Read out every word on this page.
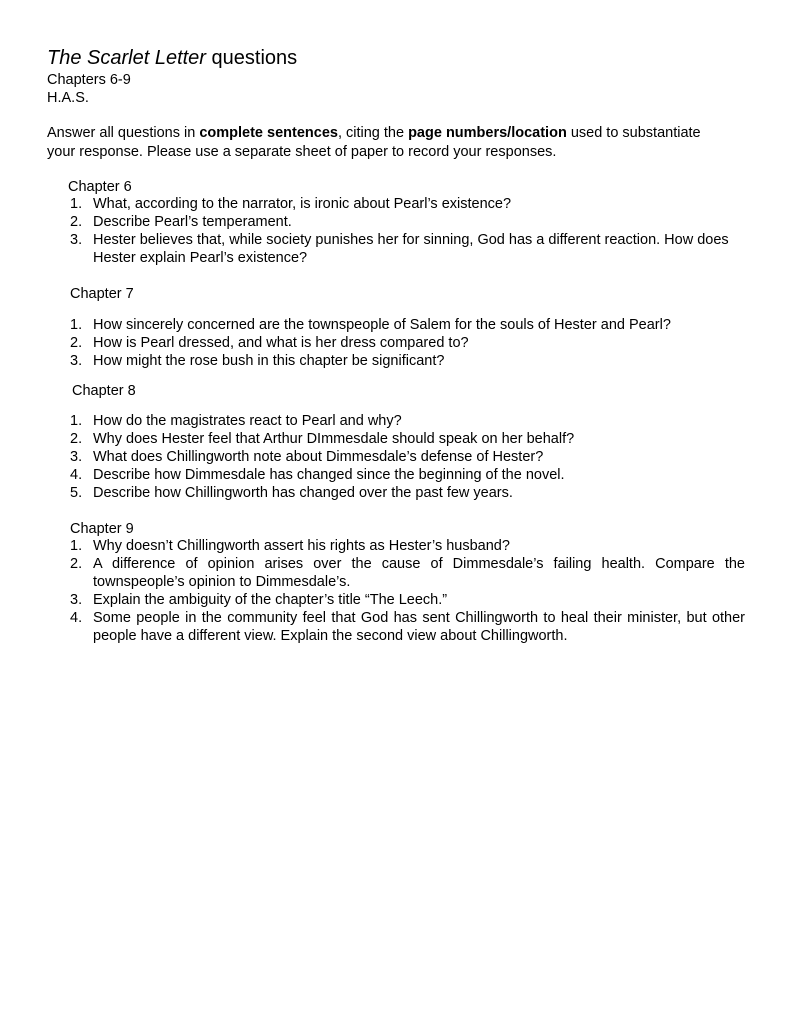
The Scarlet Letter questions
Chapters 6-9
H.A.S.
Answer all questions in complete sentences, citing the page numbers/location used to substantiate your response. Please use a separate sheet of paper to record your responses.
Chapter 6
1. What, according to the narrator, is ironic about Pearl’s existence?
2. Describe Pearl’s temperament.
3. Hester believes that, while society punishes her for sinning, God has a different reaction. How does Hester explain Pearl’s existence?
Chapter 7
1. How sincerely concerned are the townspeople of Salem for the souls of Hester and Pearl?
2. How is Pearl dressed, and what is her dress compared to?
3. How might the rose bush in this chapter be significant?
Chapter 8
1. How do the magistrates react to Pearl and why?
2. Why does Hester feel that Arthur DImmesdale should speak on her behalf?
3. What does Chillingworth note about Dimmesdale’s defense of Hester?
4. Describe how Dimmesdale has changed since the beginning of the novel.
5. Describe how Chillingworth has changed over the past few years.
Chapter 9
1. Why doesn’t Chillingworth assert his rights as Hester’s husband?
2. A difference of opinion arises over the cause of Dimmesdale’s failing health. Compare the townspeople’s opinion to Dimmesdale’s.
3. Explain the ambiguity of the chapter’s title “The Leech.”
4. Some people in the community feel that God has sent Chillingworth to heal their minister, but other people have a different view. Explain the second view about Chillingworth.
